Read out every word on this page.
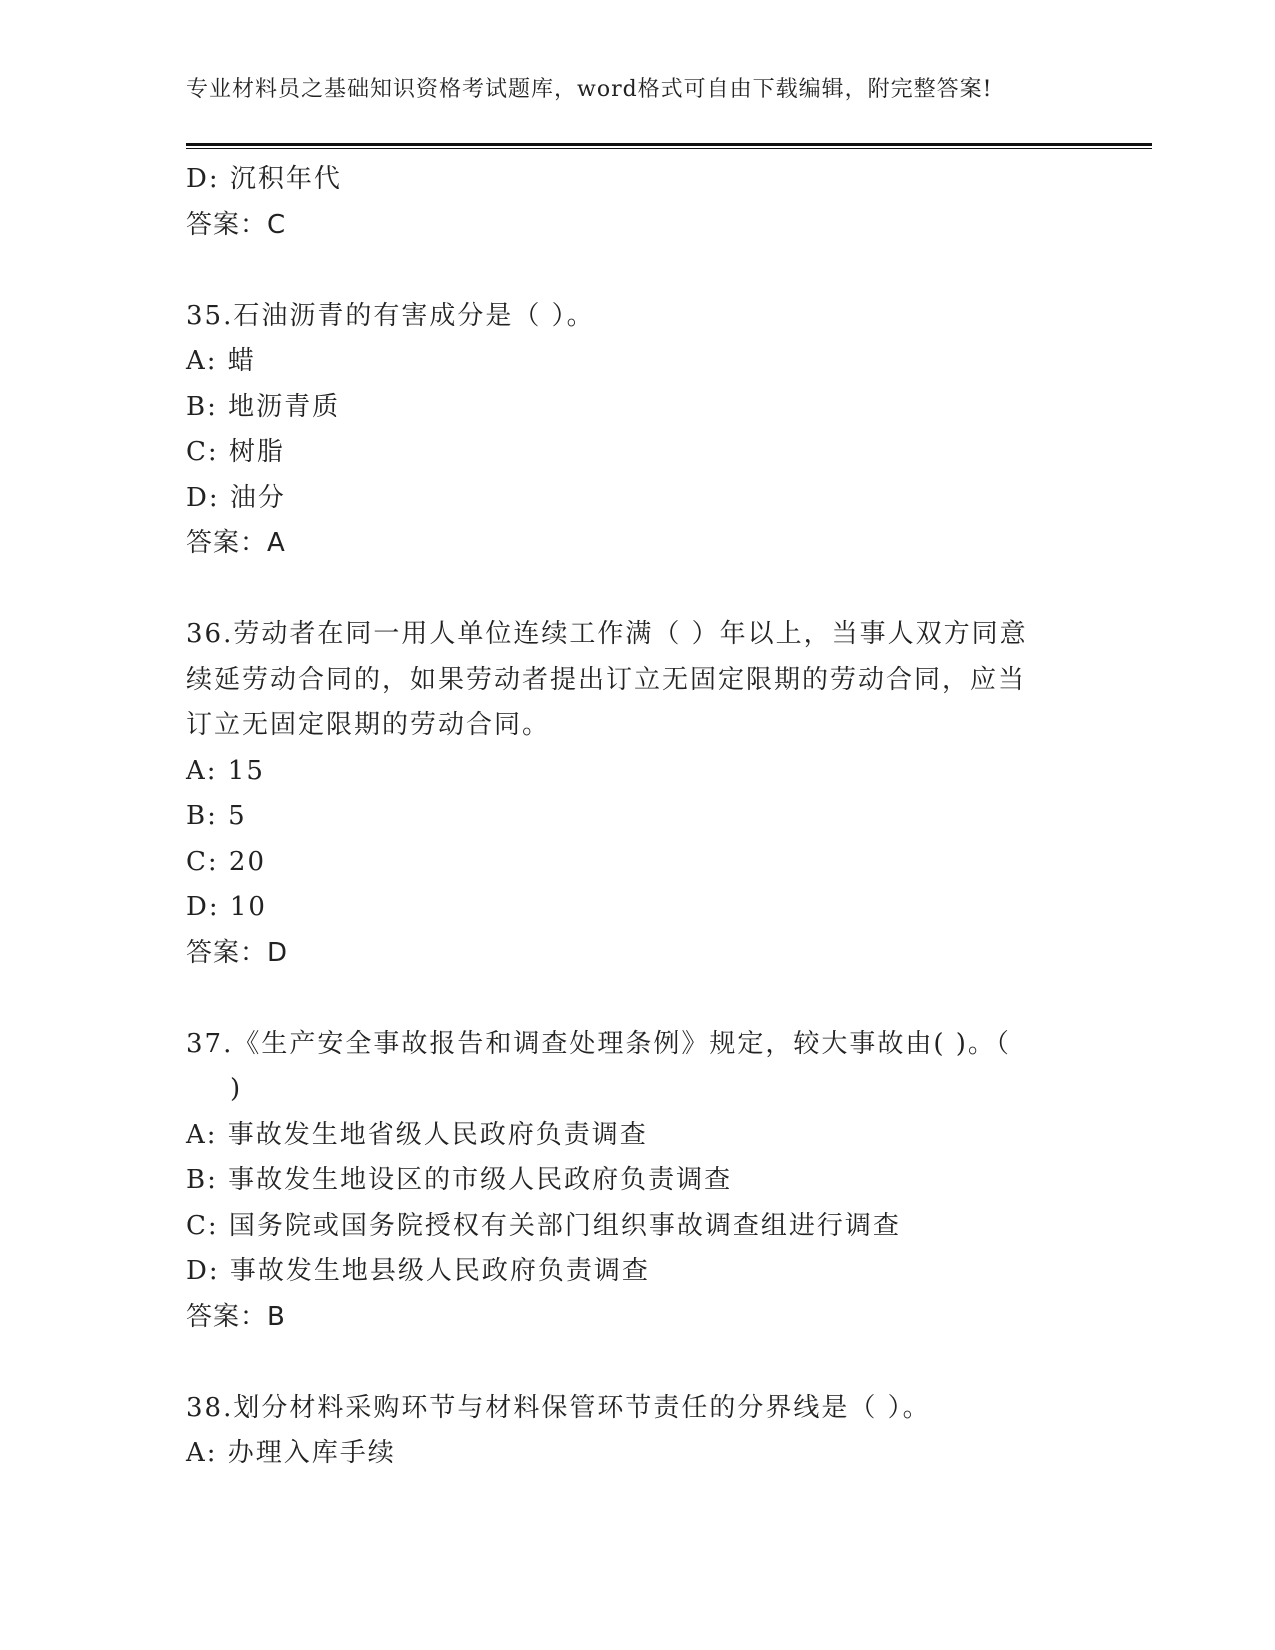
专业材料员之基础知识资格考试题库，word格式可自由下载编辑，附完整答案!
D: 沉积年代
答案：C
35.石油沥青的有害成分是（ ）。
A: 蜡
B: 地沥青质
C: 树脂
D: 油分
答案：A
36.劳动者在同一用人单位连续工作满（ ）年以上，当事人双方同意
续延劳动合同的，如果劳动者提出订立无固定限期的劳动合同，应当
订立无固定限期的劳动合同。
A: 15
B: 5
C: 20
D: 10
答案：D
37.《生产安全事故报告和调查处理条例》规定，较大事故由( )。（
)
A: 事故发生地省级人民政府负责调查
B: 事故发生地设区的市级人民政府负责调查
C: 国务院或国务院授权有关部门组织事故调查组进行调查
D: 事故发生地县级人民政府负责调查
答案：B
38.划分材料采购环节与材料保管环节责任的分界线是（ ）。
A: 办理入库手续
